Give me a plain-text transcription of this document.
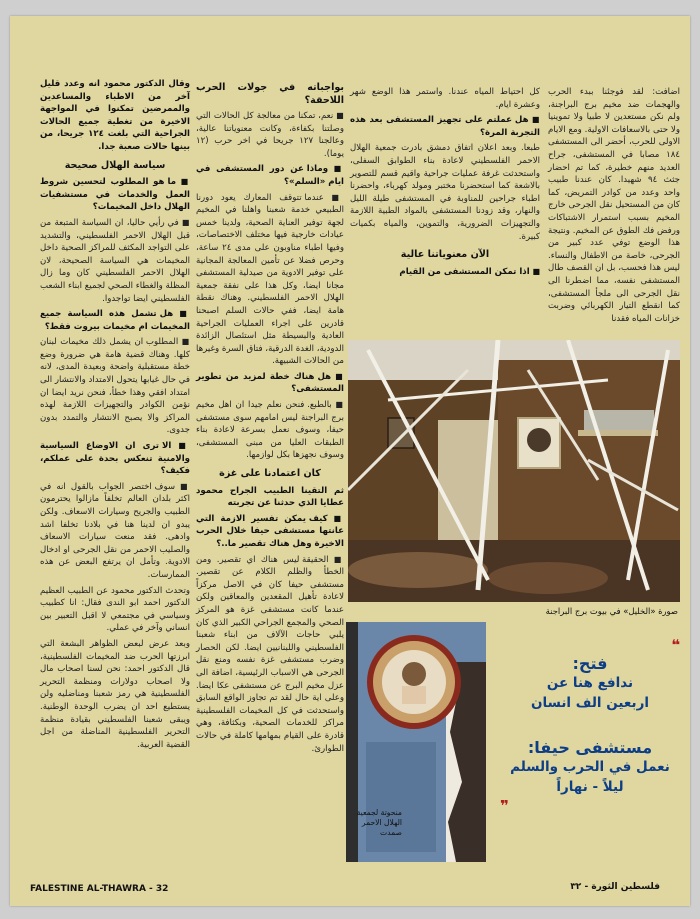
اضافت: لقد فوجئنا ببدء الحرب والهجمات ضد مخيم برج البراجنة، ولم نكن مستعدين لا طبيا ولا تموينيا ولا حتى بالاسعافات الاولية. ومع الايام الاولى للحرب، أحضر الى المستشفى ١٨٤ مصابا في المستشفى، جراح العديد منهم خطيرة، كما تم احضار جثث ٩٤ شهيدا. كان عندنا طبيب واحد وعدد من كوادر التمريض، كما كان من المستحيل نقل الجرحى خارج المخيم بسبب استمرار الاشتباكات ورفض فك الطوق عن المخيم. ونتيجة هذا الوضع توفي عدد كبير من الجرحى، خاصة من الاطفال والنساء. ليس هذا فحسب، بل ان القصف طال المستشفى نفسه، مما اضطرنا الى نقل الجرحى الى ملجأ المستشفى، كما انقطع التيار الكهربائي وضربت خزانات المياه فقدنا

كل احتياط المياه عندنا. واستمر هذا الوضع شهر وعشرة ايام.

■ هل عملتم على تجهيز المستشفى بعد هذه التجربة المرة؟

طبعا. وبعد اعلان اتفاق دمشق بادرت جمعية الهلال الاحمر الفلسطيني لاعادة بناء الطوابق السفلى، واستحدثت غرفة عمليات جراحية واقيم قسم للتصوير بالاشعة كما استحضرنا مختبر ومولد كهرباء، واحضرنا اطباء جراحين للمناوبة في المستشفى طيلة الليل والنهار، وقد زودنا المستشفى بالمواد الطبية اللازمة والتجهيزات الضرورية، والتموين، والمياه بكميات كبيرة.

الآن معنوياتنا عالية

■ اذا تمكن المستشفى من القيام

بواجباته في جولات الحرب اللاحقة؟

■ نعم، تمكنا من معالجة كل الحالات التي وصلتنا بكفاءة، وكانت معنوياتنا عالية، وعالجنا ١٢٧ جريحا في اخر حرب (١٢ يوما).

■ وماذا عن دور المستشفى في ايام «السلم»؟

■ عندما تتوقف المعارك يعود دورنا الطبيعي خدمة شعبنا واهلنا في المخيم لجهة توفير العناية الصحية، ولدينا خمس عيادات خارجية فيها مختلف الاختصاصات، وفيها اطباء مناوبون على مدى ٢٤ ساعة، وحرص فضلا عن تأمين المعالجة المجانية على توفير الادوية من صيدلية المستشفى مجانا ايضا، وكل هذا على نفقة جمعية الهلال الاحمر الفلسطيني. وهناك نقطة هامة ايضا، ففي حالات السلم اصبحنا قادرين على اجراء العمليات الجراحية العادية والبسيطة مثل استئصال الزائدة الدودية، الغدة الدرقية، فتاق السرة وغيرها من الحالات الشبيهة.

■ هل هناك خطة لمزيد من تطوير المستشفى؟

■ بالطبع. فنحن نعلم جيدا ان اهل مخيم برج البراجنة ليس امامهم سوى مستشفى حيفا، وسوف نعمل بسرعة لاعادة بناء الطبقات العليا من مبنى المستشفى، وسوف نجهزها بكل لوازمها.

كان اعتمادنا على غزة

ثم التقينا الطبيب الجراح محمود عطايا الذي حدثنا عن تجربته

■ كيف يمكن تفسير الازمة التي عانتها مستشفى حيفا خلال الحرب الاخيرة وهل هناك تقصير ما..؟

■ الحقيقة ليس هناك اي تقصير. ومن الخطأ والظلم الكلام عن تقصير. مستشفى حيفا كان في الاصل مركزاً لاعادة تأهيل المقعدين والمعاقين ولكن عندما كانت مستشفى غزة هو المركز الصحي والمجمع الجراحي الكبير الذي كان يلبي حاجات الآلاف من ابناء شعبنا الفلسطيني واللبنانيين ايضا. لكن الحصار وضرب مستشفى غزة نفسه ومنع نقل الجرحى هي الاسباب الرئيسية، اضافة الى عزل مخيم البرج عن مستشفى عكا ايضا. وعلى اية حال لقد تم تجاوز الواقع السابق واستحدثت في كل المخيمات الفلسطينية مراكز للخدمات الصحية، وبكثافة، وهي قادرة على القيام بمهامها كاملة في حالات الطوارئ.

وقال الدكتور محمود انه وعدد قليل آخر من الاطباء والمساعدين والممرضين تمكنوا في المواجهة الاخيرة من تغطية جميع الحالات الجراحية التي بلغت ١٢٤ جريحا، من بينها حالات صعبة جدا.

سياسة الهلال صحيحة

■ ما هو المطلوب لتحسين شروط العمل والخدمات في مستشفيات الهلال داخل المخيمات؟

■ في رأيي حاليا، ان السياسة المتبعة من قبل الهلال الاحمر الفلسطيني، والتشديد على التواجد المكثف للمراكز الصحية داخل المخيمات هي السياسة الصحيحة، لان الهلال الاحمر الفلسطيني كان وما زال المظلة والغطاء الصحي لجميع ابناء الشعب الفلسطيني ايضا تواجدوا.

■ هل تشمل هذه السياسة جميع المخيمات ام مخيمات بيروت فقط؟

■ المطلوب ان يشمل ذلك مخيمات لبنان كلها. وهناك قضية هامة هي ضرورة وضع خطة مستقبلية واضحة وبعيدة المدى، لانه في حال غيابها يتحول الامتداد والانتشار الى امتداد افقي وهذا خطأ، فنحن نريد ايضا ان نؤمن الكوادر والتجهيزات اللازمة لهذه المراكز والا يصبح الانتشار والتمدد بدون جدوى.

■ الا ترى ان الاوضاع السياسية والامنية تنعكس بحدة على عملكم، فكيف؟

■ سوف اختصر الجواب بالقول انه في اكثر بلدان العالم تخلفاً مازالوا يحترمون الطبيب والجريح وسيارات الاسعاف. ولكن يبدو ان لدينا هنا في بلادنا تخلفا اشد وادهى. فقد منعت سيارات الاسعاف والصليب الاحمر من نقل الجرحى او ادخال الادوية. وتأمل ان يرتفع البعض عن هذه الممارسات.

وتحدث الدكتور محمود عن الطبيب العظيم الدكتور احمد ابو الندى فقال: انا كطبيب وسياسي في مجتمعي لا اقبل التعبير بين انساني وآخر في عملي.

وبعد عرض لبعض الظواهر البشعة التي ابرزتها الحرب ضد المخيمات الفلسطينية، قال الدكتور احمد: نحن لسنا اصحاب مال ولا اصحاب دولارات ومنظمة التحرير الفلسطينية هي رمز شعبنا ومناضليه ولن يستطيع احد ان يضرب الوحدة الوطنية. ويبقى شعبنا الفلسطيني بقيادة منظمة التحرير الفلسطينية المناضلة من اجل القضية العربية.

صورة «الخليل» في بيوت برج البراجنة
❝
فتح:
ندافع هنا عن
اربعين الف انسان
مستشفى حيفا:
نعمل في الحرب والسلم
ليلاً - نهاراً
❞
منحوتة لجمعية الهلال الاحمر صمدت
FALESTINE AL-THAWRA - 32	فلسطين الثورة - ٣٢
